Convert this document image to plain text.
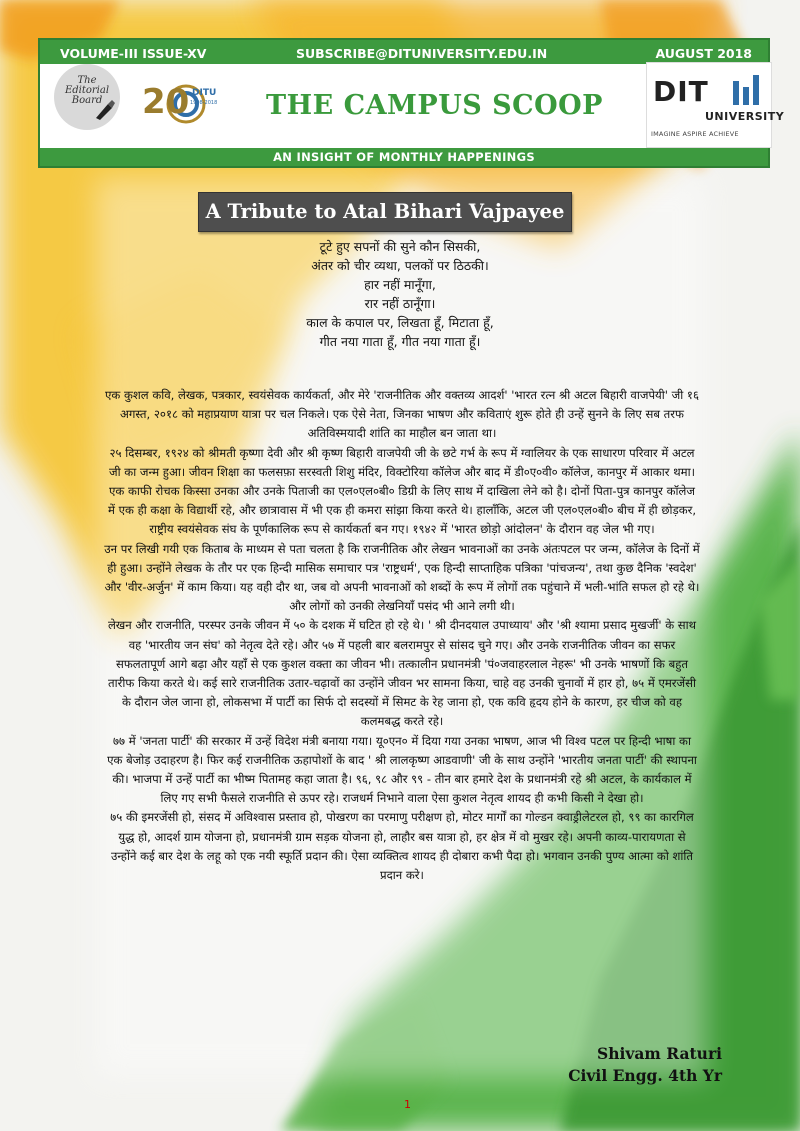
VOLUME-III ISSUE-XV	SUBSCRIBE@DITUNIVERSITY.EDU.IN	AUGUST 2018
THE CAMPUS SCOOP
AN INSIGHT OF MONTHLY HAPPENINGS
The Editorial Board 20 DITU
1998-2018	DIT
UNIVERSITY
IMAGINE ASPIRE ACHIEVE
A Tribute to Atal Bihari Vajpayee
टूटे हुए सपनों की सुने कौन सिसकी,
अंतर को चीर व्यथा, पलकों पर ठिठकी।
हार नहीं मानूँगा,
रार नहीं ठानूँगा।
काल के कपाल पर, लिखता हूँ, मिटाता हूँ,
गीत नया गाता हूँ, गीत नया गाता हूँ।

एक कुशल कवि, लेखक, पत्रकार, स्वयंसेवक कार्यकर्ता, और मेरे 'राजनीतिक और वक्तव्य आदर्श' 'भारत रत्न श्री अटल बिहारी वाजपेयी' जी १६ अगस्त, २०१८ को महाप्रयाण यात्रा पर चल निकले। एक ऐसे नेता, जिनका भाषण और कविताएं शुरू होते ही उन्हें सुनने के लिए सब तरफ अतिविस्मयादी शांति का माहौल बन जाता था।

२५ दिसम्बर, १९२४ को श्रीमती कृष्णा देवी और श्री कृष्ण बिहारी वाजपेयी जी के छटे गर्भ के रूप में ग्वालियर के एक साधारण परिवार में अटल जी का जन्म हुआ। जीवन शिक्षा का फलसफ़ा सरस्वती शिशु मंदिर, विक्टोरिया कॉलेज और बाद में डी०ए०वी० कॉलेज, कानपुर में आकार थमा। एक काफी रोचक किस्सा उनका और उनके पिताजी का एल०एल०बी० डिग्री के लिए साथ में दाखिला लेने को है। दोनों पिता-पुत्र कानपुर कॉलेज में एक ही कक्षा के विद्यार्थी रहे, और छात्रावास में भी एक ही कमरा सांझा किया करते थे। हालाँकि, अटल जी एल०एल०बी० बीच में ही छोड़कर, राष्ट्रीय स्वयंसेवक संघ के पूर्णकालिक रूप से कार्यकर्ता बन गए। १९४२ में 'भारत छोड़ो आंदोलन' के दौरान वह जेल भी गए।

उन पर लिखी गयी एक किताब के माध्यम से पता चलता है कि राजनीतिक और लेखन भावनाओं का उनके अंतःपटल पर जन्म, कॉलेज के दिनों में ही हुआ। उन्होंने लेखक के तौर पर एक हिन्दी मासिक समाचार पत्र 'राष्ट्रधर्म', एक हिन्दी साप्ताहिक पत्रिका 'पांचजन्य', तथा कुछ दैनिक 'स्वदेश' और 'वीर-अर्जुन' में काम किया। यह वही दौर था, जब वो अपनी भावनाओं को शब्दों के रूप में लोगों तक पहुंचाने में भली-भांति सफल हो रहे थे। और लोगों को उनकी लेखनियाँ पसंद भी आने लगी थी।

लेखन और राजनीति, परस्पर उनके जीवन में ५० के दशक में घटित हो रहे थे। ' श्री दीनदयाल उपाध्याय' और 'श्री श्यामा प्रसाद मुखर्जी' के साथ वह 'भारतीय जन संघ' को नेतृत्व देते रहे। और ५७ में पहली बार बलरामपुर से सांसद चुने गए। और उनके राजनीतिक जीवन का सफर सफलतापूर्ण आगे बढ़ा और यहाँ से एक कुशल वक्ता का जीवन भी। तत्कालीन प्रधानमंत्री 'पं०जवाहरलाल नेहरू' भी उनके भाषणों कि बहुत तारीफ किया करते थे। कई सारे राजनीतिक उतार-चढ़ावों का उन्होंने जीवन भर सामना किया, चाहे वह उनकी चुनावों में हार हो, ७५ में एमरजेंसी के दौरान जेल जाना हो, लोकसभा में पार्टी का सिर्फ दो सदस्यों में सिमट के रेह जाना हो, एक कवि हृदय होने के कारण, हर चीज को वह कलमबद्ध करते रहे।

७७ में 'जनता पार्टी' की सरकार में उन्हें विदेश मंत्री बनाया गया। यू०एन० में दिया गया उनका भाषण, आज भी विश्व पटल पर हिन्दी भाषा का एक बेजोड़ उदाहरण है। फिर कई राजनीतिक ऊहापोशों के बाद ' श्री लालकृष्ण आडवाणी' जी के साथ उन्होंने 'भारतीय जनता पार्टी' की स्थापना की। भाजपा में उन्हें पार्टी का भीष्म पितामह कहा जाता है। ९६, ९८ और ९९ - तीन बार हमारे देश के प्रधानमंत्री रहे श्री अटल, के कार्यकाल में लिए गए सभी फैसले राजनीति से ऊपर रहे। राजधर्म निभाने वाला ऐसा कुशल नेतृत्व शायद ही कभी किसी ने देखा हो।

७५ की इमरजेंसी हो, संसद में अविश्वास प्रस्ताव हो, पोखरण का परमाणु परीक्षण हो, मोटर मार्गों का गोल्डन क्वाड्रीलेटरल हो, ९९ का कारगिल युद्ध हो, आदर्श ग्राम योजना हो, प्रधानमंत्री ग्राम सड़क योजना हो, लाहौर बस यात्रा हो, हर क्षेत्र में वो मुखर रहे। अपनी काव्य-पारायणता से उन्होंने कई बार देश के लहू को एक नयी स्फूर्ति प्रदान की। ऐसा व्यक्तित्व शायद ही दोबारा कभी पैदा हो। भगवान उनकी पुण्य आत्मा को शांति प्रदान करे।

Shivam Raturi
Civil Engg. 4th Yr
1
